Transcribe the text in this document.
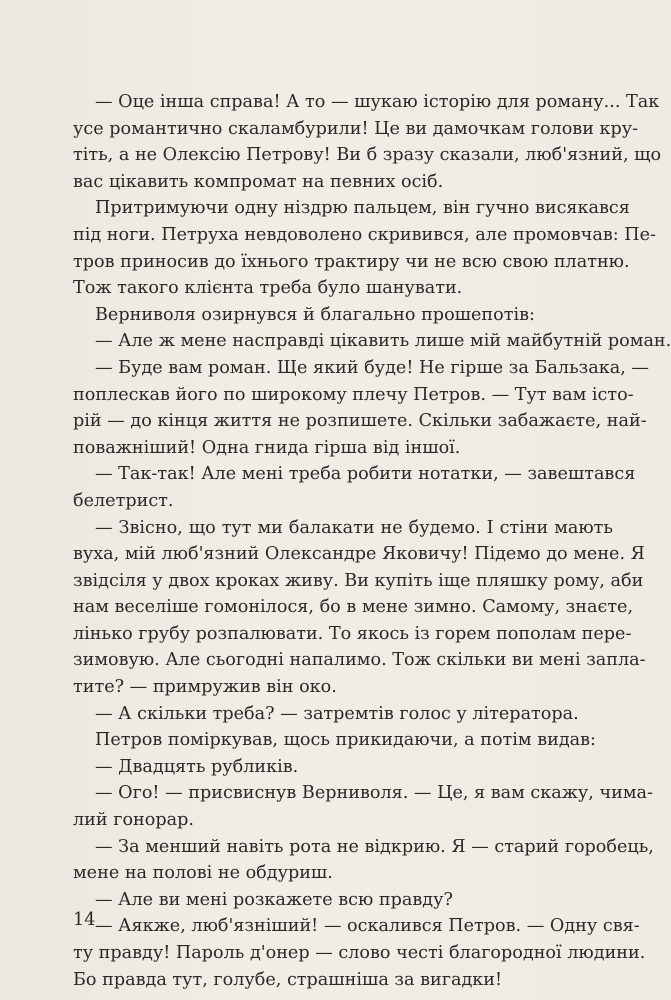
— Оце інша справа! А то — шукаю історію для роману... Так
усе романтично скаламбурили! Це ви дамочкам голови кру-
тіть, а не Олексію Петрову! Ви б зразу сказали, люб'язний, що
вас цікавить компромат на певних осіб.
Притримуючи одну ніздрю пальцем, він гучно висякався
під ноги. Петруха невдоволено скривився, але промовчав: Пе-
тров приносив до їхнього трактиру чи не всю свою платню.
Тож такого клієнта треба було шанувати.
Верниволя озирнувся й благально прошепотів:
— Але ж мене насправді цікавить лише мій майбутній роман.
— Буде вам роман. Ще який буде! Не гірше за Бальзака, —
поплескав його по широкому плечу Петров. — Тут вам істо-
рій — до кінця життя не розпишете. Скільки забажаєте, най-
поважніший! Одна гнида гірша від іншої.
— Так-так! Але мені треба робити нотатки, — завештався
белетрист.
— Звісно, що тут ми балакати не будемо. І стіни мають
вуха, мій люб'язний Олександре Яковичу! Підемо до мене. Я
звідсіля у двох кроках живу. Ви купіть іще пляшку рому, аби
нам веселіше гомонілося, бо в мене зимно. Самому, знаєте,
лінько грубу розпалювати. То якось із горем пополам пере-
зимовую. Але сьогодні напалимо. Тож скільки ви мені запла-
тите? — примружив він око.
— А скільки треба? — затремтів голос у літератора.
Петров поміркував, щось прикидаючи, а потім видав:
— Двадцять рубликів.
— Ого! — присвиснув Верниволя. — Це, я вам скажу, чима-
лий гонорар.
— За менший навіть рота не відкрию. Я — старий горобець,
мене на полові не обдуриш.
— Але ви мені розкажете всю правду?
— Аякже, люб'язніший! — оскалився Петров. — Одну свя-
ту правду! Пароль д'онер — слово честі благородної людини.
Бо правда тут, голубе, страшніша за вигадки!
14
